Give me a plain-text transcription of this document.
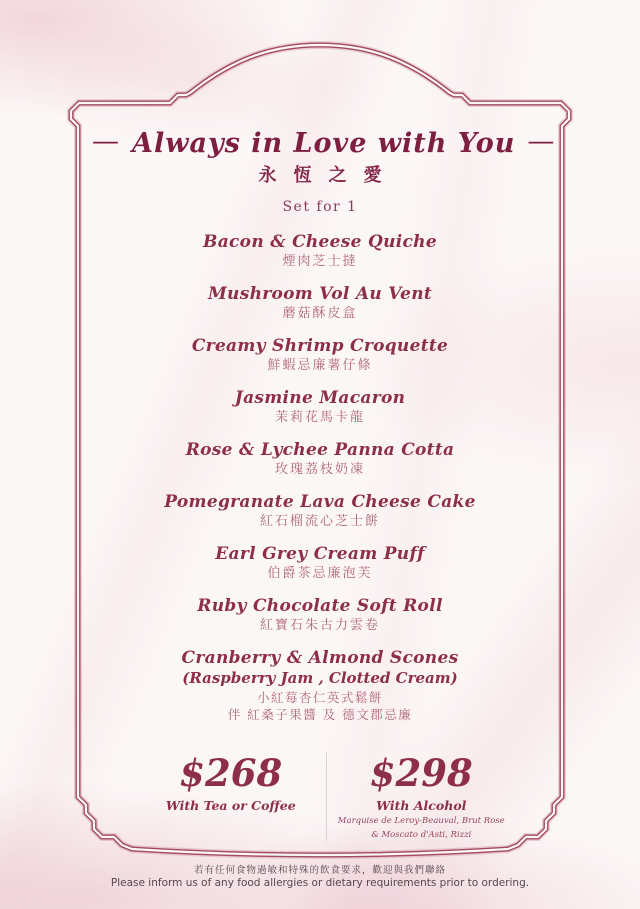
— Always in Love with You —
永恆之愛
Set for 1
Bacon & Cheese Quiche
煙肉芝士撻
Mushroom Vol Au Vent
蘑菇酥皮盒
Creamy Shrimp Croquette
鮮蝦忌廉薯仔條
Jasmine Macaron
茉莉花馬卡龍
Rose & Lychee Panna Cotta
玫瑰荔枝奶凍
Pomegranate Lava Cheese Cake
紅石榴流心芝士餅
Earl Grey Cream Puff
伯爵茶忌廉泡芙
Ruby Chocolate Soft Roll
紅寶石朱古力雲卷
Cranberry & Almond Scones
(Raspberry Jam , Clotted Cream)
小紅莓杏仁英式鬆餅
伴 紅桑子果醬 及 德文郡忌廉
$268
With Tea or Coffee
$298
With Alcohol
Marquise de Leroy-Beauval, Brut Rose
& Moscato d'Asti, Rizzi
若有任何食物過敏和特殊的飲食要求，歡迎與我們聯絡
Please inform us of any food allergies or dietary requirements prior to ordering.
